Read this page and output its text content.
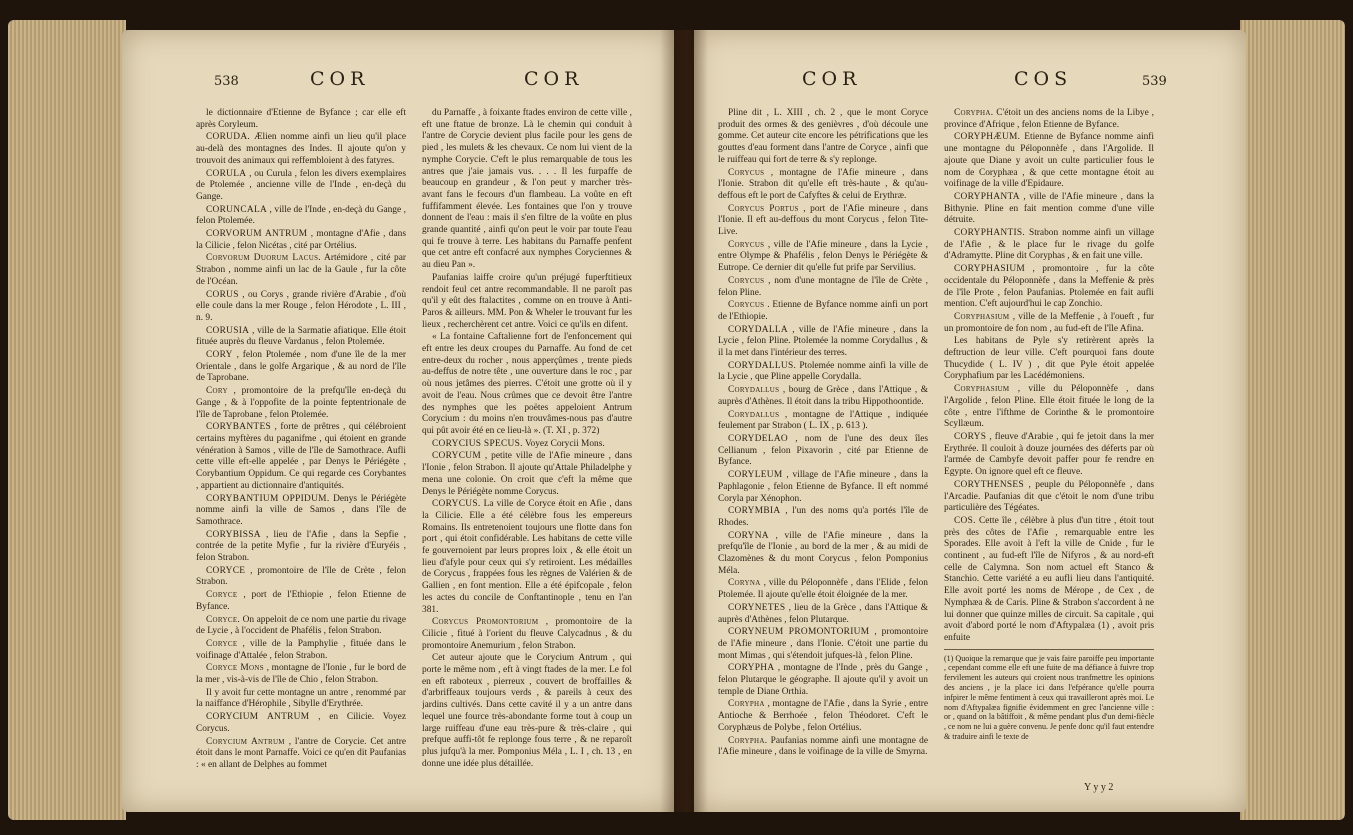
538	COR	COR

le dictionnaire d'Etienne de Byfance ; car elle eft après Coryleum.

CORUDA. Ælien nomme ainfi un lieu qu'il place au-delà des montagnes des Indes. Il ajoute qu'on y trouvoit des animaux qui reffembloient à des fatyres.

CORULA , ou Curula , felon les divers exemplaires de Ptolemée , ancienne ville de l'Inde , en-deçà du Gange.

CORUNCALA , ville de l'Inde , en-deçà du Gange , felon Ptolemée.

CORVORUM ANTRUM , montagne d'Afie , dans la Cilicie , felon Nicétas , cité par Ortélius.

Corvorum Duorum Lacus. Artémidore , cité par Strabon , nomme ainfi un lac de la Gaule , fur la côte de l'Océan.

CORUS , ou Corys , grande rivière d'Arabie , d'où elle coule dans la mer Rouge , felon Hérodote , L. III , n. 9.

CORUSIA , ville de la Sarmatie afiatique. Elle étoit fituée auprès du fleuve Vardanus , felon Ptolemée.

CORY , felon Ptolemée , nom d'une île de la mer Orientale , dans le golfe Argarique , & au nord de l'île de Taprobane.

Cory , promontoire de la prefqu'île en-deçà du Gange , & à l'oppofite de la pointe feptentrionale de l'île de Taprobane , felon Ptolemée.

CORYBANTES , forte de prêtres , qui célébroient certains myftères du paganifme , qui étoient en grande vénération à Samos , ville de l'île de Samothrace. Aufli cette ville eft-elle appelée , par Denys le Périégète , Corybantium Oppidum. Ce qui regarde ces Corybantes , appartient au dictionnaire d'antiquités.

CORYBANTIUM OPPIDUM. Denys le Périégète nomme ainfi la ville de Samos , dans l'île de Samothrace.

CORYBISSA , lieu de l'Afie , dans la Sepfie , contrée de la petite Myfie , fur la rivière d'Euryéis , felon Strabon.

CORYCE , promontoire de l'île de Crète , felon Strabon.

Coryce , port de l'Ethiopie , felon Etienne de Byfance.

Coryce. On appeloit de ce nom une partie du rivage de Lycie , à l'occident de Phafélis , felon Strabon.

Coryce , ville de la Pamphylie , fituée dans le voifinage d'Attalée , felon Strabon.

Coryce Mons , montagne de l'Ionie , fur le bord de la mer , vis-à-vis de l'île de Chio , felon Strabon.

Il y avoit fur cette montagne un antre , renommé par la naiffance d'Hérophile , Sibylle d'Erythrée.

CORYCIUM ANTRUM , en Cilicie. Voyez Corycus.

Corycium Antrum , l'antre de Corycie. Cet antre étoit dans le mont Parnaffe. Voici ce qu'en dit Paufanias : « en allant de Delphes au fommet

du Parnaffe , à foixante ftades environ de cette ville , eft une ftatue de bronze. Là le chemin qui conduit à l'antre de Corycie devient plus facile pour les gens de pied , les mulets & les chevaux. Ce nom lui vient de la nymphe Corycie. C'eft le plus remarquable de tous les antres que j'aie jamais vus. . . . Il les furpaffe de beaucoup en grandeur , & l'on peut y marcher très-avant fans le fecours d'un flambeau. La voûte en eft fuffifamment élevée. Les fontaines que l'on y trouve donnent de l'eau : mais il s'en filtre de la voûte en plus grande quantité , ainfi qu'on peut le voir par toute l'eau qui fe trouve à terre. Les habitans du Parnaffe penfent que cet antre eft confacré aux nymphes Coryciennes & au dieu Pan ».

Paufanias laiffe croire qu'un préjugé fuperftitieux rendoit feul cet antre recommandable. Il ne paroît pas qu'il y eût des ftalactites , comme on en trouve à Anti-Paros & ailleurs. MM. Pon & Wheler le trouvant fur les lieux , recherchèrent cet antre. Voici ce qu'ils en difent.

« La fontaine Caftalienne fort de l'enfoncement qui eft entre les deux croupes du Parnaffe. Au fond de cet entre-deux du rocher , nous apperçûmes , trente pieds au-deffus de notre tête , une ouverture dans le roc , par où nous jetâmes des pierres. C'étoit une grotte où il y avoit de l'eau. Nous crûmes que ce devoit être l'antre des nymphes que les poëtes appeloient Antrum Corycium : du moins n'en trouvâmes-nous pas d'autre qui pût avoir été en ce lieu-là ». (T. XI , p. 372)

CORYCIUS SPECUS. Voyez Corycii Mons.

CORYCUM , petite ville de l'Afie mineure , dans l'Ionie , felon Strabon. Il ajoute qu'Attale Philadelphe y mena une colonie. On croit que c'eft la même que Denys le Périégète nomme Corycus.

CORYCUS. La ville de Coryce étoit en Afie , dans la Cilicie. Elle a été célèbre fous les empereurs Romains. Ils entretenoient toujours une flotte dans fon port , qui étoit confidérable. Les habitans de cette ville fe gouvernoient par leurs propres loix , & elle étoit un lieu d'afyle pour ceux qui s'y retiroient. Les médailles de Corycus , frappées fous les règnes de Valérien & de Gallien , en font mention. Elle a été épifcopale , felon les actes du concile de Conftantinople , tenu en l'an 381.

Corycus Promontorium , promontoire de la Cilicie , fitué à l'orient du fleuve Calycadnus , & du promontoire Anemurium , felon Strabon.

Cet auteur ajoute que le Corycium Antrum , qui porte le même nom , eft à vingt ftades de la mer. Le fol en eft raboteux , pierreux , couvert de broffailles & d'arbriffeaux toujours verds , & pareils à ceux des jardins cultivés. Dans cette cavité il y a un antre dans lequel une fource très-abondante forme tout à coup un large ruiffeau d'une eau très-pure & très-claire , qui prefque auffi-tôt fe replonge fous terre , & ne reparoît plus jufqu'à la mer. Pomponius Méla , L. I , ch. 13 , en donne une idée plus détaillée.

COR	COS	539

Pline dit , L. XIII , ch. 2 , que le mont Coryce produit des ormes & des genièvres , d'où découle une gomme. Cet auteur cite encore les pétrifications que les gouttes d'eau forment dans l'antre de Coryce , ainfi que le ruiffeau qui fort de terre & s'y replonge.

Corycus , montagne de l'Afie mineure , dans l'Ionie. Strabon dit qu'elle eft très-haute , & qu'au-deffous eft le port de Cafyftes & celui de Erythræ.

Corycus Portus , port de l'Afie mineure , dans l'Ionie. Il eft au-deffous du mont Corycus , felon Tite-Live.

Corycus , ville de l'Afie mineure , dans la Lycie , entre Olympe & Phafélis , felon Denys le Périégète & Eutrope. Ce dernier dit qu'elle fut prife par Servilius.

Corycus , nom d'une montagne de l'île de Crète , felon Pline.

Corycus . Etienne de Byfance nomme ainfi un port de l'Ethiopie.

CORYDALLA , ville de l'Afie mineure , dans la Lycie , felon Pline. Ptolemée la nomme Corydallus , & il la met dans l'intérieur des terres.

CORYDALLUS. Ptolemée nomme ainfi la ville de la Lycie , que Pline appelle Corydalla.

Corydallus , bourg de Grèce , dans l'Attique , & auprès d'Athènes. Il étoit dans la tribu Hippothoontide.

Corydallus , montagne de l'Attique , indiquée feulement par Strabon ( L. IX , p. 613 ).

CORYDELAO , nom de l'une des deux îles Cellianum , felon Pixavorin , cité par Etienne de Byfance.

CORYLEUM , village de l'Afie mineure , dans la Paphlagonie , felon Etienne de Byfance. Il eft nommé Coryla par Xénophon.

CORYMBIA , l'un des noms qu'a portés l'île de Rhodes.

CORYNA , ville de l'Afie mineure , dans la prefqu'île de l'Ionie , au bord de la mer , & au midi de Clazomènes & du mont Corycus , felon Pomponius Méla.

Coryna , ville du Péloponnèfe , dans l'Elide , felon Ptolemée. Il ajoute qu'elle étoit éloignée de la mer.

CORYNETES , lieu de la Grèce , dans l'Attique & auprès d'Athènes , felon Plutarque.

CORYNEUM PROMONTORIUM , promontoire de l'Afie mineure , dans l'Ionie. C'étoit une partie du mont Mimas , qui s'étendoit jufques-là , felon Pline.

CORYPHA , montagne de l'Inde , près du Gange , felon Plutarque le géographe. Il ajoute qu'il y avoit un temple de Diane Orthia.

Corypha , montagne de l'Afie , dans la Syrie , entre Antioche & Berrhoée , felon Théodoret. C'eft le Coryphæus de Polybe , felon Ortélius.

Corypha. Paufanias nomme ainfi une montagne de l'Afie mineure , dans le voifinage de la ville de Smyrna.

Corypha. C'étoit un des anciens noms de la Libye , province d'Afrique , felon Etienne de Byfance.

CORYPHÆUM. Etienne de Byfance nomme ainfi une montagne du Péloponnèfe , dans l'Argolide. Il ajoute que Diane y avoit un culte particulier fous le nom de Coryphæa , & que cette montagne étoit au voifinage de la ville d'Epidaure.

CORYPHANTA , ville de l'Afie mineure , dans la Bithynie. Pline en fait mention comme d'une ville détruite.

CORYPHANTIS. Strabon nomme ainfi un village de l'Afie , & le place fur le rivage du golfe d'Adramytte. Pline dit Coryphas , & en fait une ville.

CORYPHASIUM , promontoire , fur la côte occidentale du Péloponnèfe , dans la Meffenie & près de l'île Prote , felon Paufanias. Ptolemée en fait aufli mention. C'eft aujourd'hui le cap Zonchio.

Coryphasium , ville de la Meffenie , à l'oueft , fur un promontoire de fon nom , au fud-eft de l'île Afina.

Les habitans de Pyle s'y retirèrent après la deftruction de leur ville. C'eft pourquoi fans doute Thucydide ( L. IV ) , dit que Pyle étoit appelée Coryphafium par les Lacédémoniens.

Coryphasium , ville du Péloponnèfe , dans l'Argolide , felon Pline. Elle étoit fituée le long de la côte , entre l'ifthme de Corinthe & le promontoire Scyllæum.

CORYS , fleuve d'Arabie , qui fe jetoit dans la mer Erythrée. Il couloit à douze journées des déferts par où l'armée de Cambyfe devoit paffer pour fe rendre en Egypte. On ignore quel eft ce fleuve.

CORYTHENSES , peuple du Péloponnèfe , dans l'Arcadie. Paufanias dit que c'étoit le nom d'une tribu particulière des Tégéates.

COS. Cette île , célèbre à plus d'un titre , étoit tout près des côtes de l'Afie , remarquable entre les Sporades. Elle avoit à l'eft la ville de Cnide , fur le continent , au fud-eft l'île de Nifyros , & au nord-eft celle de Calymna. Son nom actuel eft Stanco & Stanchio. Cette variété a eu aufli lieu dans l'antiquité. Elle avoit porté les noms de Mérope , de Cex , de Nymphæa & de Caris. Pline & Strabon s'accordent à ne lui donner que quinze milles de circuit. Sa capitale , qui avoit d'abord porté le nom d'Aftypalæa (1) , avoit pris enfuite

(1) Quoique la remarque que je vais faire paroiffe peu importante , cependant comme elle eft une fuite de ma défiance à fuivre trop fervilement les auteurs qui croient nous tranfmettre les opinions des anciens , je la place ici dans l'efpérance qu'elle pourra infpirer le même fentiment à ceux qui travailleront après moi. Le nom d'Aftypalæa fignifie évidemment en grec l'ancienne ville : or , quand on la bâtiffoit , & même pendant plus d'un demi-fiècle , ce nom ne lui a guère convenu. Je penfe donc qu'il faut entendre & traduire ainfi le texte de
Y y y 2
